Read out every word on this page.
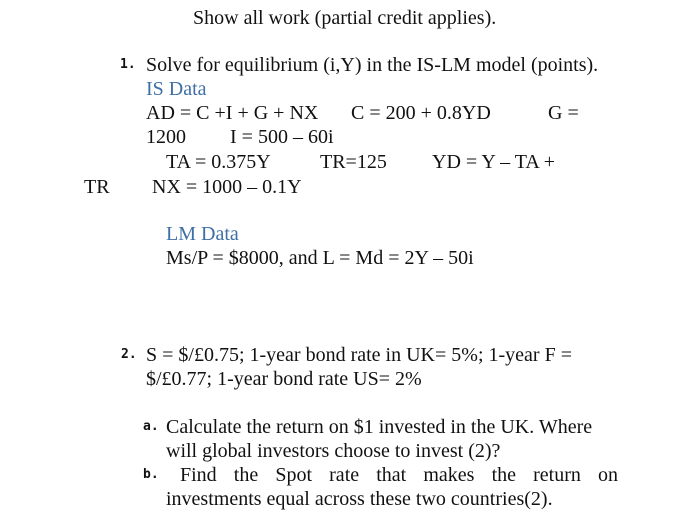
Show all work (partial credit applies).
1. Solve for equilibrium (i,Y) in the IS-LM model (points).
IS Data
AD = C +I + G + NX C = 200 + 0.8YD	G =
1200 I = 500 – 60i
TA = 0.375Y TR=125 YD = Y – TA +
TR NX = 1000 – 0.1Y
LM Data
Ms/P = $8000, and L = Md = 2Y – 50i
2. S = $/£0.75; 1-year bond rate in UK= 5%; 1-year F =
$/£0.77; 1-year bond rate US= 2%
a. Calculate the return on $1 invested in the UK. Where
will global investors choose to invest (2)?
b. Find the Spot rate that makes the return on
investments equal across these two countries(2).
